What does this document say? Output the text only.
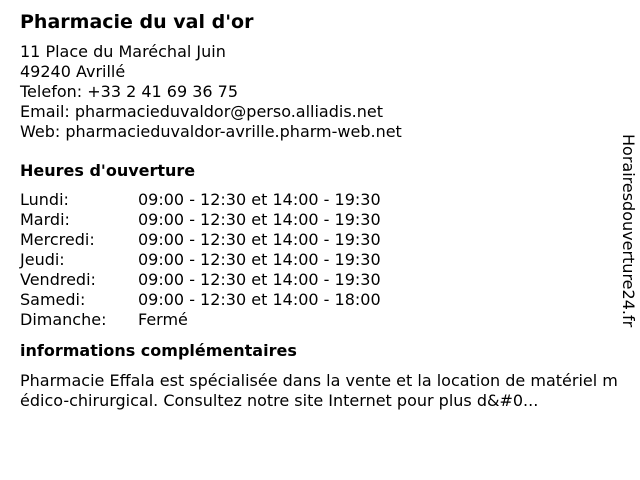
Pharmacie du val d'or
11 Place du Maréchal Juin
49240 Avrillé
Telefon: +33 2 41 69 36 75
Email: pharmacieduvaldor@perso.alliadis.net
Web: pharmacieduvaldor-avrille.pharm-web.net
Heures d'ouverture
Lundi:	09:00 - 12:30 et 14:00 - 19:30
Mardi:	09:00 - 12:30 et 14:00 - 19:30
Mercredi:	09:00 - 12:30 et 14:00 - 19:30
Jeudi:	09:00 - 12:30 et 14:00 - 19:30
Vendredi:	09:00 - 12:30 et 14:00 - 19:30
Samedi:	09:00 - 12:30 et 14:00 - 18:00
Dimanche:	Fermé
informations complémentaires
Pharmacie Effala est spécialisée dans la vente et la location de matériel médico-chirurgical. Consultez notre site Internet pour plus d&#0...
Horairesdouverture24.fr
